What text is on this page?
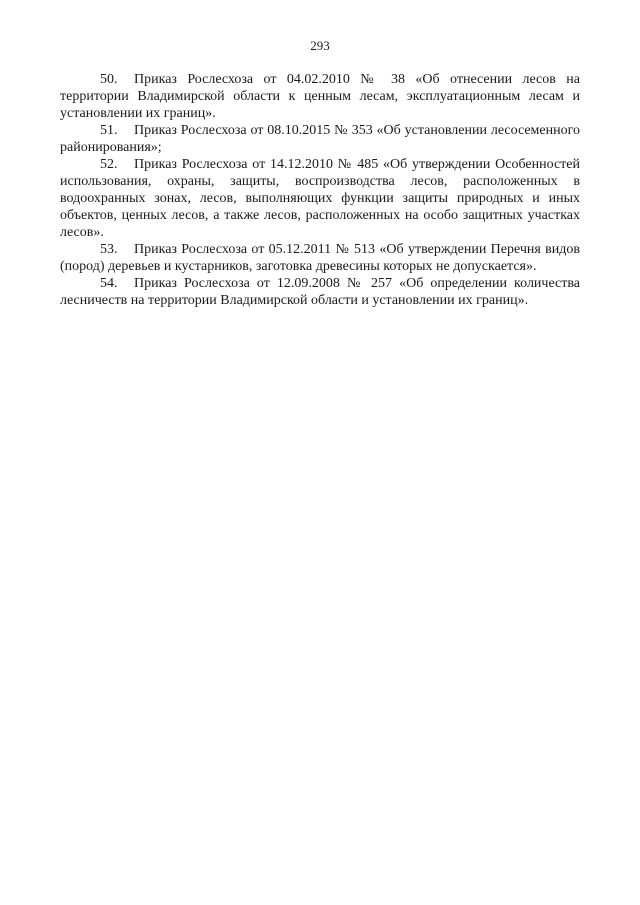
293

50. Приказ Рослесхоза от 04.02.2010 № 38 «Об отнесении лесов на территории Владимирской области к ценным лесам, эксплуатационным лесам и установлении их границ».

51. Приказ Рослесхоза от 08.10.2015 № 353 «Об установлении лесосеменного районирования»;

52. Приказ Рослесхоза от 14.12.2010 № 485 «Об утверждении Особенностей использования, охраны, защиты, воспроизводства лесов, расположенных в водоохранных зонах, лесов, выполняющих функции защиты природных и иных объектов, ценных лесов, а также лесов, расположенных на особо защитных участках лесов».

53. Приказ Рослесхоза от 05.12.2011 № 513 «Об утверждении Перечня видов (пород) деревьев и кустарников, заготовка древесины которых не допускается».

54. Приказ Рослесхоза от 12.09.2008 № 257 «Об определении количества лесничеств на территории Владимирской области и установлении их границ».
